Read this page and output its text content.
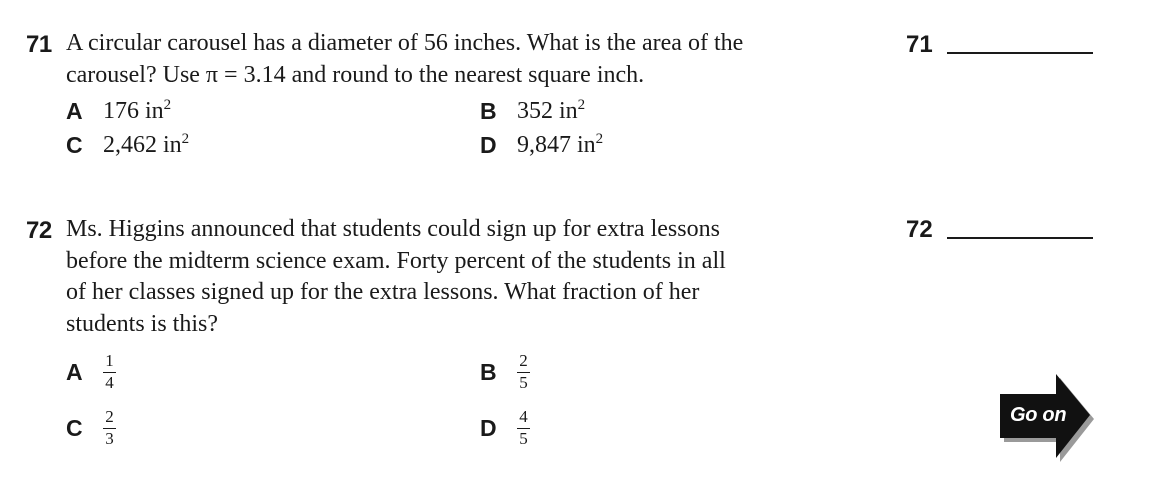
71 A circular carousel has a diameter of 56 inches. What is the area of the
carousel? Use π = 3.14 and round to the nearest square inch.
A 176 $in^2$	B 352 $in^2$
C 2,462 $in^2$	D 9,847 $in^2$
71
72 Ms. Higgins announced that students could sign up for extra lessons
before the midterm science exam. Forty percent of the students in all
of her classes signed up for the extra lessons. What fraction of her
students is this?
A	$\frac{1}{4}$	B	$\frac{2}{5}$
C	$\frac{2}{3}$	D	$\frac{4}{5}$
72
Go on
